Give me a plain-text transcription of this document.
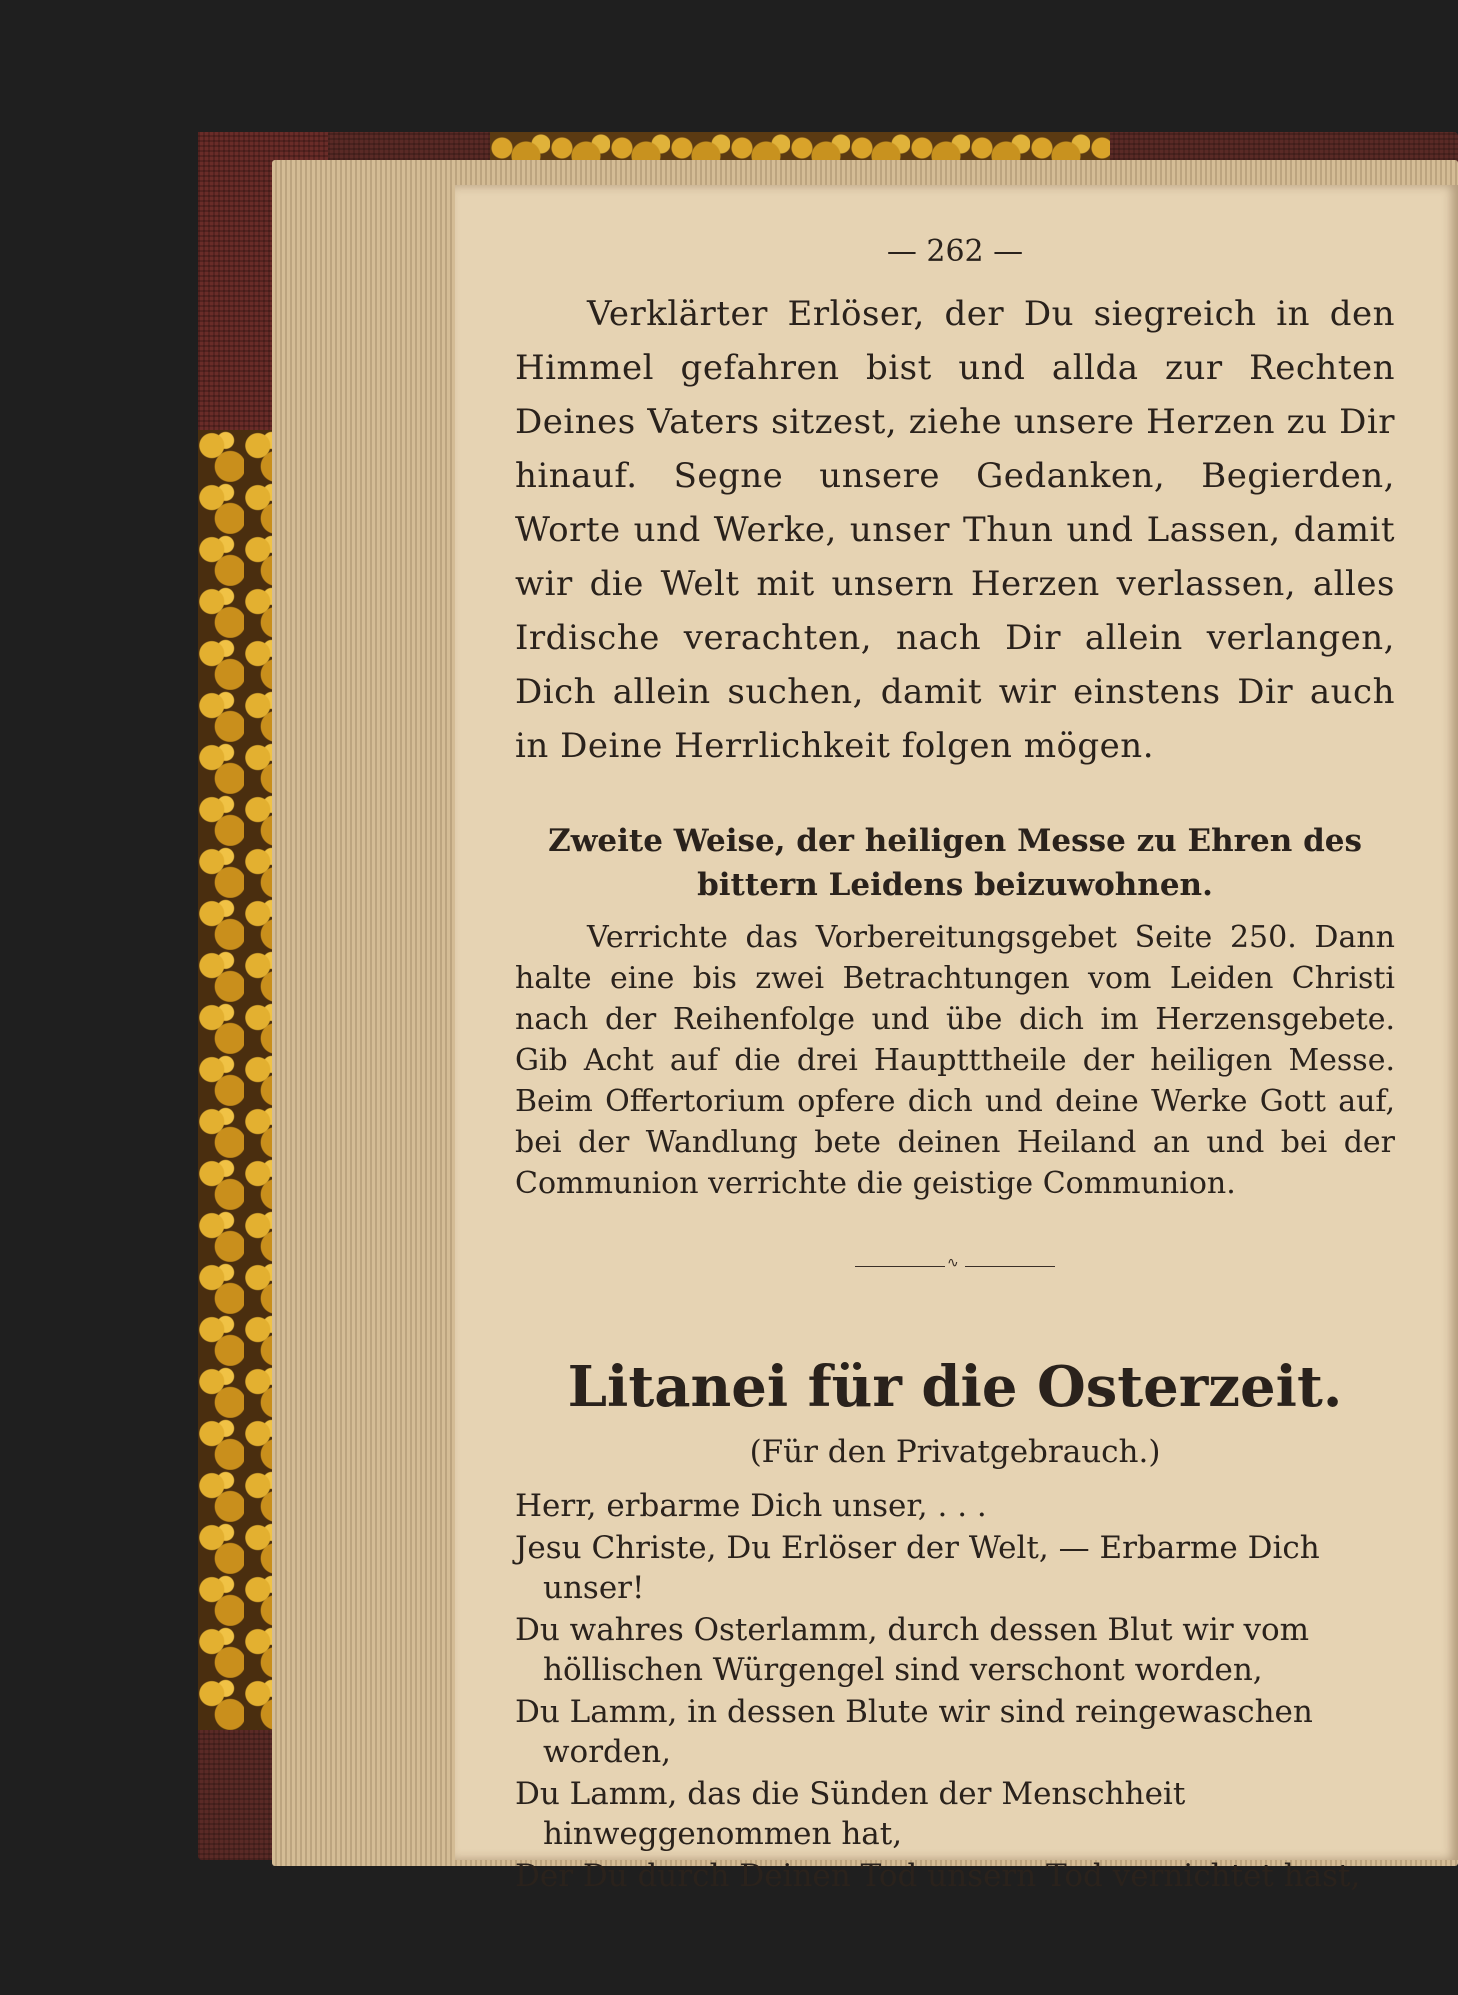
— 262 —

Verklärter Erlöser, der Du siegreich in den Himmel gefahren bist und allda zur Rechten Deines Vaters sitzest, ziehe unsere Herzen zu Dir hinauf. Segne unsere Gedanken, Begierden, Worte und Werke, unser Thun und Lassen, damit wir die Welt mit unsern Herzen verlassen, alles Irdische verachten, nach Dir allein verlangen, Dich allein suchen, damit wir einstens Dir auch in Deine Herrlichkeit folgen mögen.

Zweite Weise, der heiligen Messe zu Ehren des bittern Leidens beizuwohnen.

Verrichte das Vorbereitungsgebet Seite 250. Dann halte eine bis zwei Betrachtungen vom Leiden Christi nach der Reihenfolge und übe dich im Herzensgebete. Gib Acht auf die drei Hauptttheile der heiligen Messe. Beim Offertorium opfere dich und deine Werke Gott auf, bei der Wandlung bete deinen Heiland an und bei der Communion verrichte die geistige Communion.

∿
Litanei für die Osterzeit.
(Für den Privatgebrauch.)
Herr, erbarme Dich unser, . . .
Jesu Christe, Du Erlöser der Welt, — Erbarme Dich unser!
Du wahres Osterlamm, durch dessen Blut wir vom höllischen Würgengel sind verschont worden,
Du Lamm, in dessen Blute wir sind reingewaschen worden,
Du Lamm, das die Sünden der Menschheit hinweggenommen hat,
Der Du durch Deinen Tod unsern Tod vernichtet hast,
